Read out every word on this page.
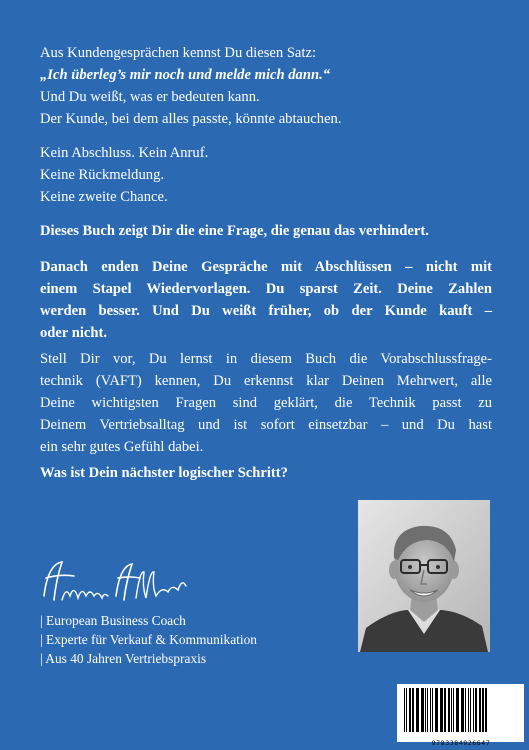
Aus Kundengesprächen kennst Du diesen Satz:
„Ich überleg’s mir noch und melde mich dann.“
Und Du weißt, was er bedeuten kann.
Der Kunde, bei dem alles passte, könnte abtauchen.
Kein Abschluss. Kein Anruf.
Keine Rückmeldung.
Keine zweite Chance.
Dieses Buch zeigt Dir die eine Frage, die genau das verhindert.
Danach enden Deine Gespräche mit Abschlüssen – nicht mit
einem Stapel Wiedervorlagen. Du sparst Zeit. Deine Zahlen
werden besser. Und Du weißt früher, ob der Kunde kauft –
oder nicht.
Stell Dir vor, Du lernst in diesem Buch die Vorabschlussfrage-
technik (VAFT) kennen, Du erkennst klar Deinen Mehrwert, alle
Deine wichtigsten Fragen sind geklärt, die Technik passt zu
Deinem Vertriebsalltag und ist sofort einsetzbar – und Du hast
ein sehr gutes Gefühl dabei.
Was ist Dein nächster logischer Schritt?
| European Business Coach
| Experte für Verkauf & Kommunikation
| Aus 40 Jahren Vertriebspraxis
9783384926647
